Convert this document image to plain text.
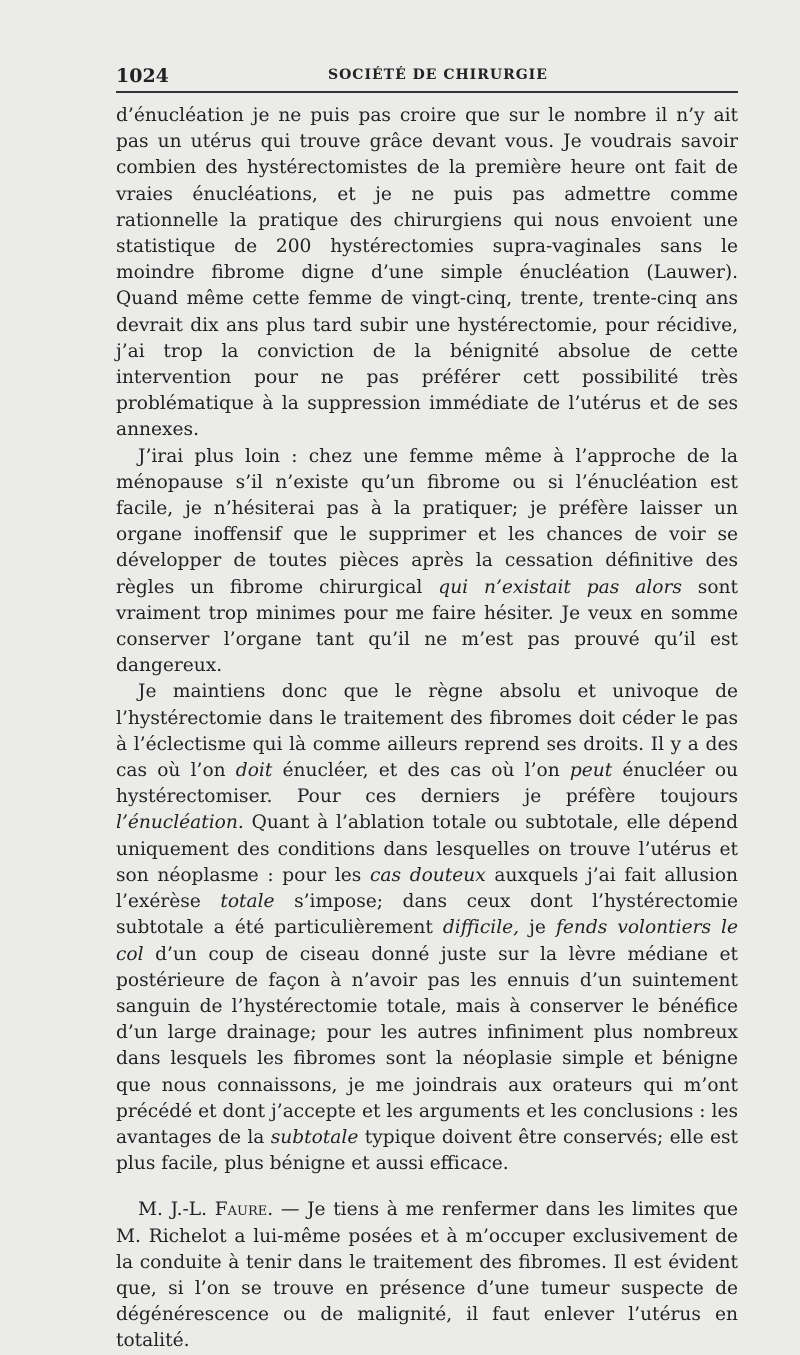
1024	SOCIÉTÉ DE CHIRURGIE

d’énucléation je ne puis pas croire que sur le nombre il n’y ait pas un utérus qui trouve grâce devant vous. Je voudrais savoir combien des hystérectomistes de la première heure ont fait de vraies énucléations, et je ne puis pas admettre comme rationnelle la pratique des chirurgiens qui nous envoient une statistique de 200 hystérectomies supra-vaginales sans le moindre fibrome digne d’une simple énucléation (Lauwer). Quand même cette femme de vingt-cinq, trente, trente-cinq ans devrait dix ans plus tard subir une hystérectomie, pour récidive, j’ai trop la conviction de la bénignité absolue de cette intervention pour ne pas préférer cett possibilité très problématique à la suppression immédiate de l’utérus et de ses annexes.

J’irai plus loin : chez une femme même à l’approche de la ménopause s’il n’existe qu’un fibrome ou si l’énucléation est facile, je n’hésiterai pas à la pratiquer; je préfère laisser un organe inoffensif que le supprimer et les chances de voir se développer de toutes pièces après la cessation définitive des règles un fibrome chirurgical qui n’existait pas alors sont vraiment trop minimes pour me faire hésiter. Je veux en somme conserver l’organe tant qu’il ne m’est pas prouvé qu’il est dangereux.

Je maintiens donc que le règne absolu et univoque de l’hystérectomie dans le traitement des fibromes doit céder le pas à l’éclectisme qui là comme ailleurs reprend ses droits. Il y a des cas où l’on doit énucléer, et des cas où l’on peut énucléer ou hystérectomiser. Pour ces derniers je préfère toujours l’énucléation. Quant à l’ablation totale ou subtotale, elle dépend uniquement des conditions dans lesquelles on trouve l’utérus et son néoplasme : pour les cas douteux auxquels j’ai fait allusion l’exérèse totale s’impose; dans ceux dont l’hystérectomie subtotale a été particulièrement difficile, je fends volontiers le col d’un coup de ciseau donné juste sur la lèvre médiane et postérieure de façon à n’avoir pas les ennuis d’un suintement sanguin de l’hystérectomie totale, mais à conserver le bénéfice d’un large drainage; pour les autres infiniment plus nombreux dans lesquels les fibromes sont la néoplasie simple et bénigne que nous connaissons, je me joindrais aux orateurs qui m’ont précédé et dont j’accepte et les arguments et les conclusions : les avantages de la subtotale typique doivent être conservés; elle est plus facile, plus bénigne et aussi efficace.

M. J.-L. Faure. — Je tiens à me renfermer dans les limites que M. Richelot a lui-même posées et à m’occuper exclusivement de la conduite à tenir dans le traitement des fibromes. Il est évident que, si l’on se trouve en présence d’une tumeur suspecte de dégénérescence ou de malignité, il faut enlever l’utérus en totalité.
